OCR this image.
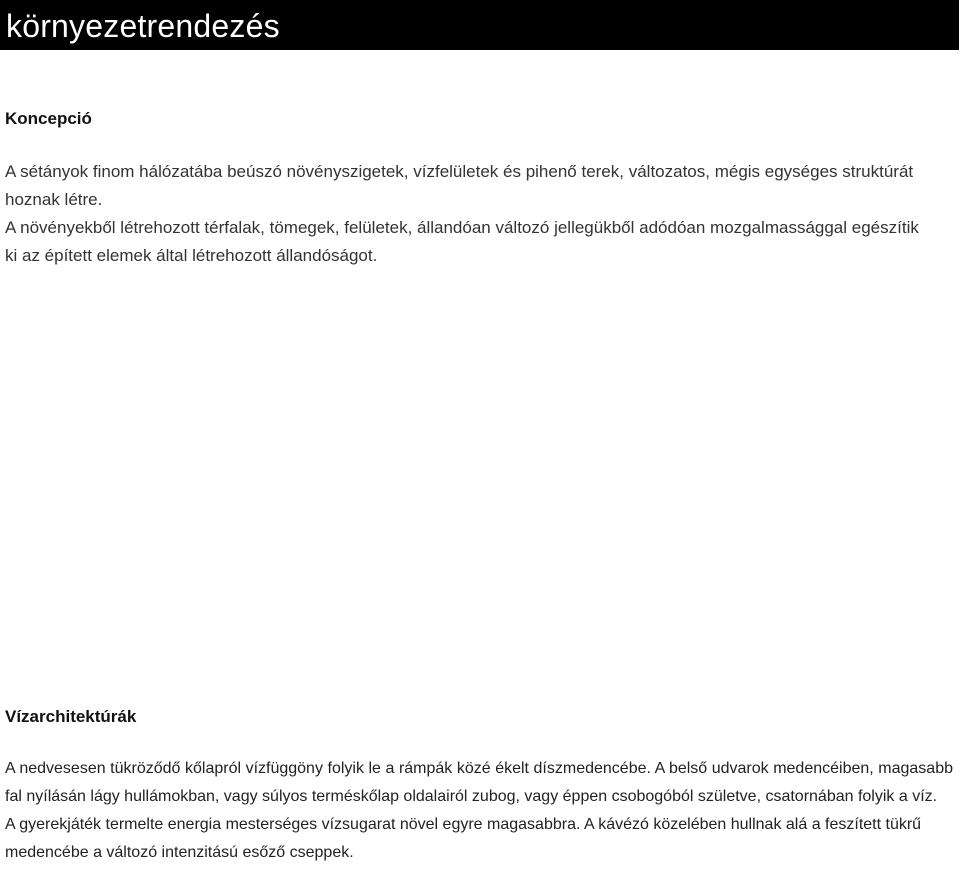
környezetrendezés
Koncepció

A sétányok finom hálózatába beúszó növényszigetek, vízfelületek és pihenő terek, változatos, mégis egységes struktúrát hoznak létre.

A növényekből létrehozott térfalak, tömegek, felületek, állandóan változó jellegükből adódóan mozgalmassággal egészítik ki az épített elemek által létrehozott állandóságot.

Vízarchitektúrák

A nedvesesen tükröződő kőlapról vízfüggöny folyik le a rámpák közé ékelt díszmedencébe. A belső udvarok medencéiben, magasabb fal nyílásán lágy hullámokban, vagy súlyos terméskőlap oldalairól zubog, vagy éppen csobogóból születve, csatornában folyik a víz.

A gyerekjáték termelte energia mesterséges vízsugarat növel egyre magasabbra. A kávézó közelében hullnak alá a feszített tükrű medencébe a változó intenzitású esőző cseppek.
